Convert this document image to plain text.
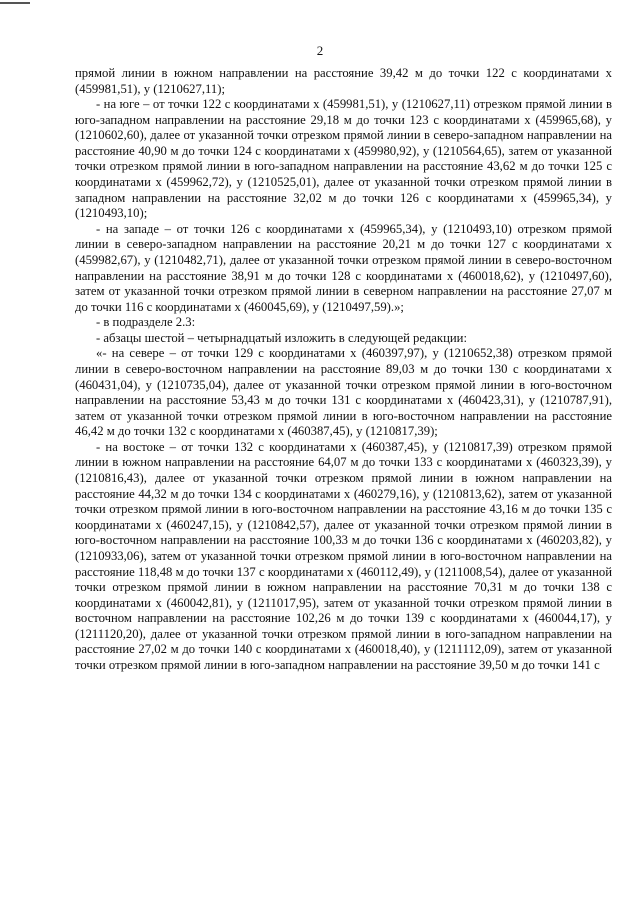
2

прямой линии в южном направлении на расстояние 39,42 м до точки 122 с координатами x (459981,51), y (1210627,11);

- на юге – от точки 122 с координатами x (459981,51), y (1210627,11) отрезком прямой линии в юго-западном направлении на расстояние 29,18 м до точки 123 с координатами x (459965,68), y (1210602,60), далее от указанной точки отрезком прямой линии в северо-западном направлении на расстояние 40,90 м до точки 124 с координатами x (459980,92), y (1210564,65), затем от указанной точки отрезком прямой линии в юго-западном направлении на расстояние 43,62 м до точки 125 с координатами x (459962,72), y (1210525,01), далее от указанной точки отрезком прямой линии в западном направлении на расстояние 32,02 м до точки 126 с координатами x (459965,34), y (1210493,10);

- на западе – от точки 126 с координатами x (459965,34), y (1210493,10) отрезком прямой линии в северо-западном направлении на расстояние 20,21 м до точки 127 с координатами x (459982,67), y (1210482,71), далее от указанной точки отрезком прямой линии в северо-восточном направлении на расстояние 38,91 м до точки 128 с координатами x (460018,62), y (1210497,60), затем от указанной точки отрезком прямой линии в северном направлении на расстояние 27,07 м до точки 116 с координатами x (460045,69), y (1210497,59).»;

- в подразделе 2.3:

- абзацы шестой – четырнадцатый изложить в следующей редакции:

«- на севере – от точки 129 с координатами x (460397,97), y (1210652,38) отрезком прямой линии в северо-восточном направлении на расстояние 89,03 м до точки 130 с координатами x (460431,04), y (1210735,04), далее от указанной точки отрезком прямой линии в юго-восточном направлении на расстояние 53,43 м до точки 131 с координатами x (460423,31), y (1210787,91), затем от указанной точки отрезком прямой линии в юго-восточном направлении на расстояние 46,42 м до точки 132 с координатами x (460387,45), y (1210817,39);

- на востоке – от точки 132 с координатами x (460387,45), y (1210817,39) отрезком прямой линии в южном направлении на расстояние 64,07 м до точки 133 с координатами x (460323,39), y (1210816,43), далее от указанной точки отрезком прямой линии в южном направлении на расстояние 44,32 м до точки 134 с координатами x (460279,16), y (1210813,62), затем от указанной точки отрезком прямой линии в юго-восточном направлении на расстояние 43,16 м до точки 135 с координатами x (460247,15), y (1210842,57), далее от указанной точки отрезком прямой линии в юго-восточном направлении на расстояние 100,33 м до точки 136 с координатами x (460203,82), y (1210933,06), затем от указанной точки отрезком прямой линии в юго-восточном направлении на расстояние 118,48 м до точки 137 с координатами x (460112,49), y (1211008,54), далее от указанной точки отрезком прямой линии в южном направлении на расстояние 70,31 м до точки 138 с координатами x (460042,81), y (1211017,95), затем от указанной точки отрезком прямой линии в восточном направлении на расстояние 102,26 м до точки 139 с координатами x (460044,17), y (1211120,20), далее от указанной точки отрезком прямой линии в юго-западном направлении на расстояние 27,02 м до точки 140 с координатами x (460018,40), y (1211112,09), затем от указанной точки отрезком прямой линии в юго-западном направлении на расстояние 39,50 м до точки 141 с
